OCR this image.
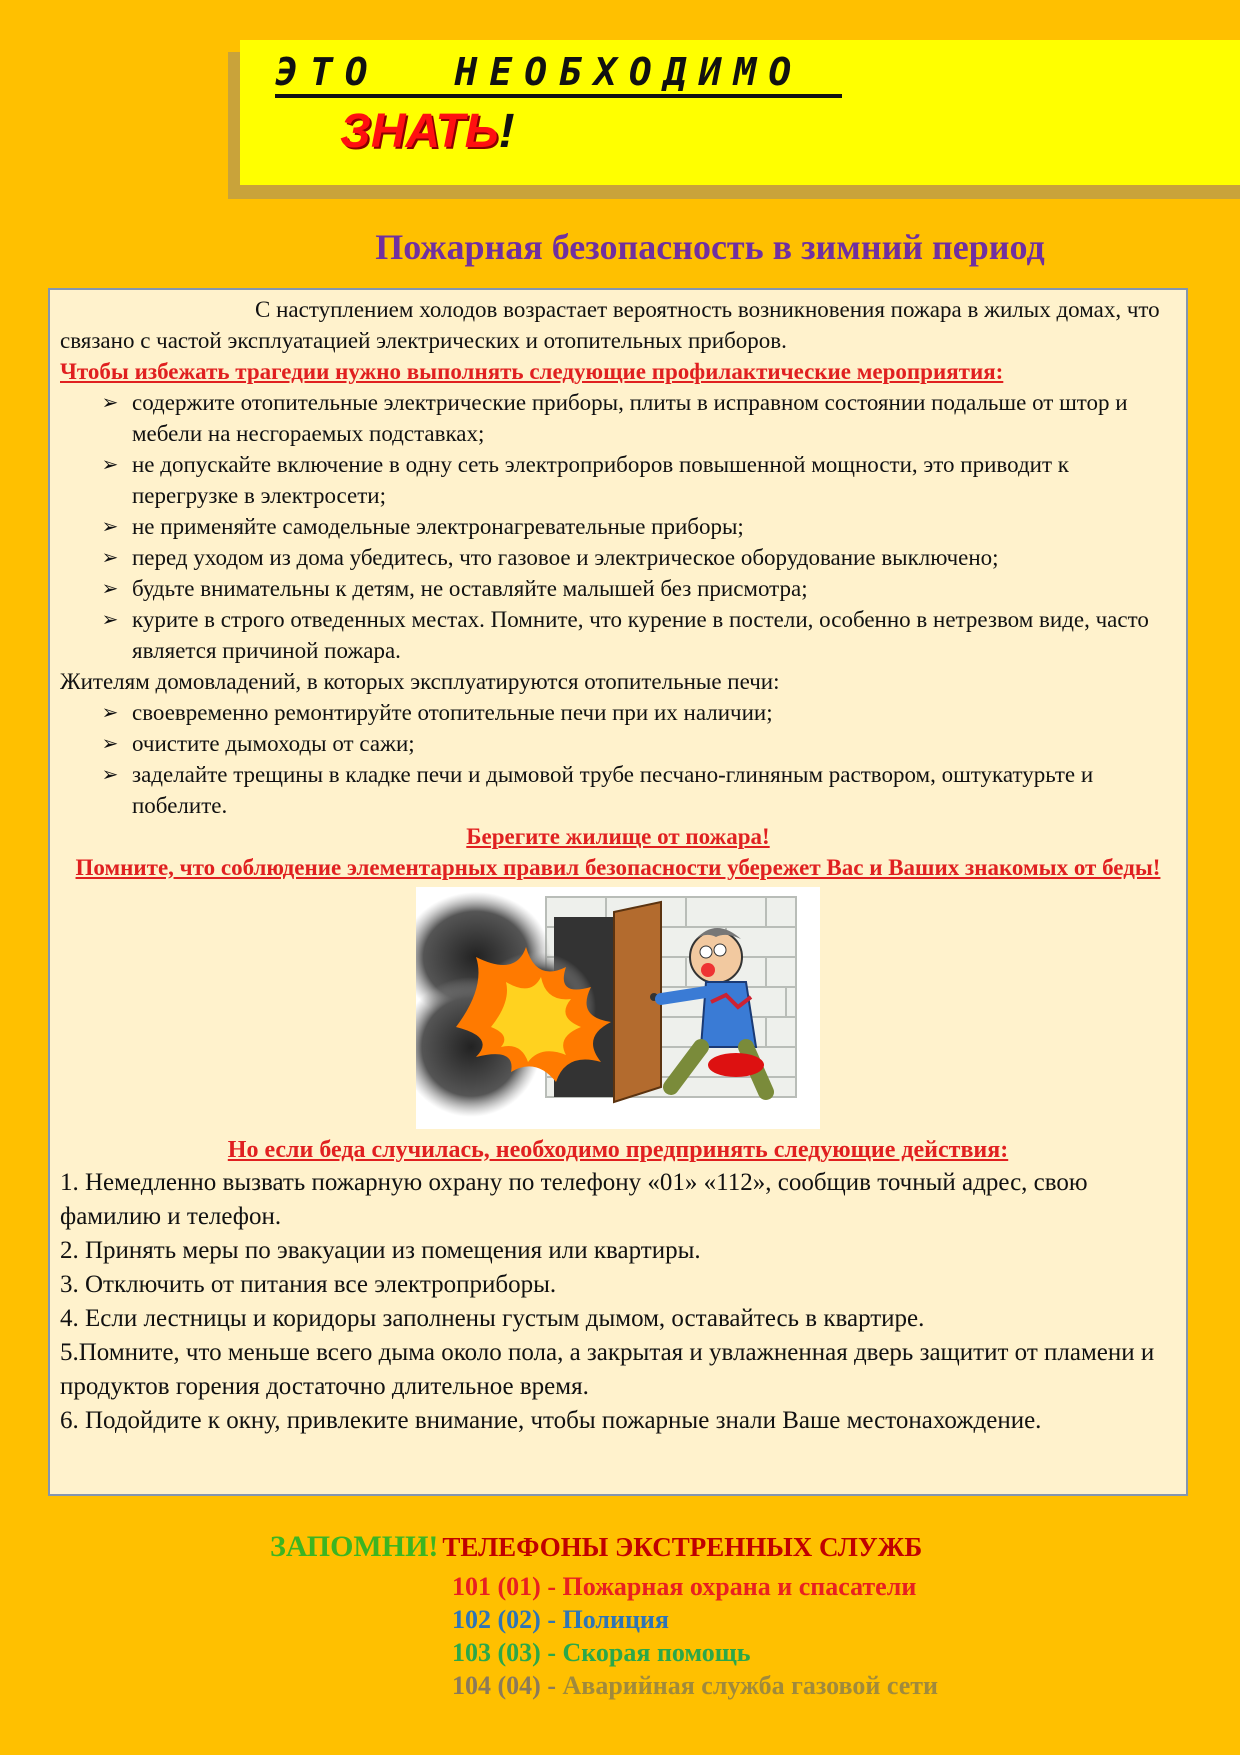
ЭТО НЕОБХОДИМО
ЗНАТЬ!
Пожарная безопасность в зимний период

С наступлением холодов возрастает вероятность возникновения пожара в жилых домах, что связано с частой эксплуатацией электрических и отопительных приборов.

Чтобы избежать трагедии нужно выполнять следующие профилактические мероприятия:

➢ содержите отопительные электрические приборы, плиты в исправном состоянии подальше от штор и мебели на несгораемых подставках;
➢ не допускайте включение в одну сеть электроприборов повышенной мощности, это приводит к перегрузке в электросети;
➢ не применяйте самодельные электронагревательные приборы;
➢ перед уходом из дома убедитесь, что газовое и электрическое оборудование выключено;
➢ будьте внимательны к детям, не оставляйте малышей без присмотра;
➢ курите в строго отведенных местах. Помните, что курение в постели, особенно в нетрезвом виде, часто является причиной пожара.

Жителям домовладений, в которых эксплуатируются отопительные печи:

➢ своевременно ремонтируйте отопительные печи при их наличии;
➢ очистите дымоходы от сажи;
➢ заделайте трещины в кладке печи и дымовой трубе песчано-глиняным раствором, оштукатурьте и побелите.

Берегите жилище от пожара!

Помните, что соблюдение элементарных правил безопасности убережет Вас и Ваших знакомых от беды!

Но если беда случилась, необходимо предпринять следующие действия:

1. Немедленно вызвать пожарную охрану по телефону «01» «112», сообщив точный адрес, свою фамилию и телефон.

2. Принять меры по эвакуации из помещения или квартиры.

3. Отключить от питания все электроприборы.

4. Если лестницы и коридоры заполнены густым дымом, оставайтесь в квартире.

5.Помните, что меньше всего дыма около пола, а закрытая и увлажненная дверь защитит от пламени и продуктов горения достаточно длительное время.

6. Подойдите к окну, привлеките внимание, чтобы пожарные знали Ваше местонахождение.

ЗАПОМНИ! ТЕЛЕФОНЫ ЭКСТРЕННЫХ СЛУЖБ
101 (01) - Пожарная охрана и спасатели
102 (02) - Полиция
103 (03) - Скорая помощь
104 (04) - Аварийная служба газовой сети
